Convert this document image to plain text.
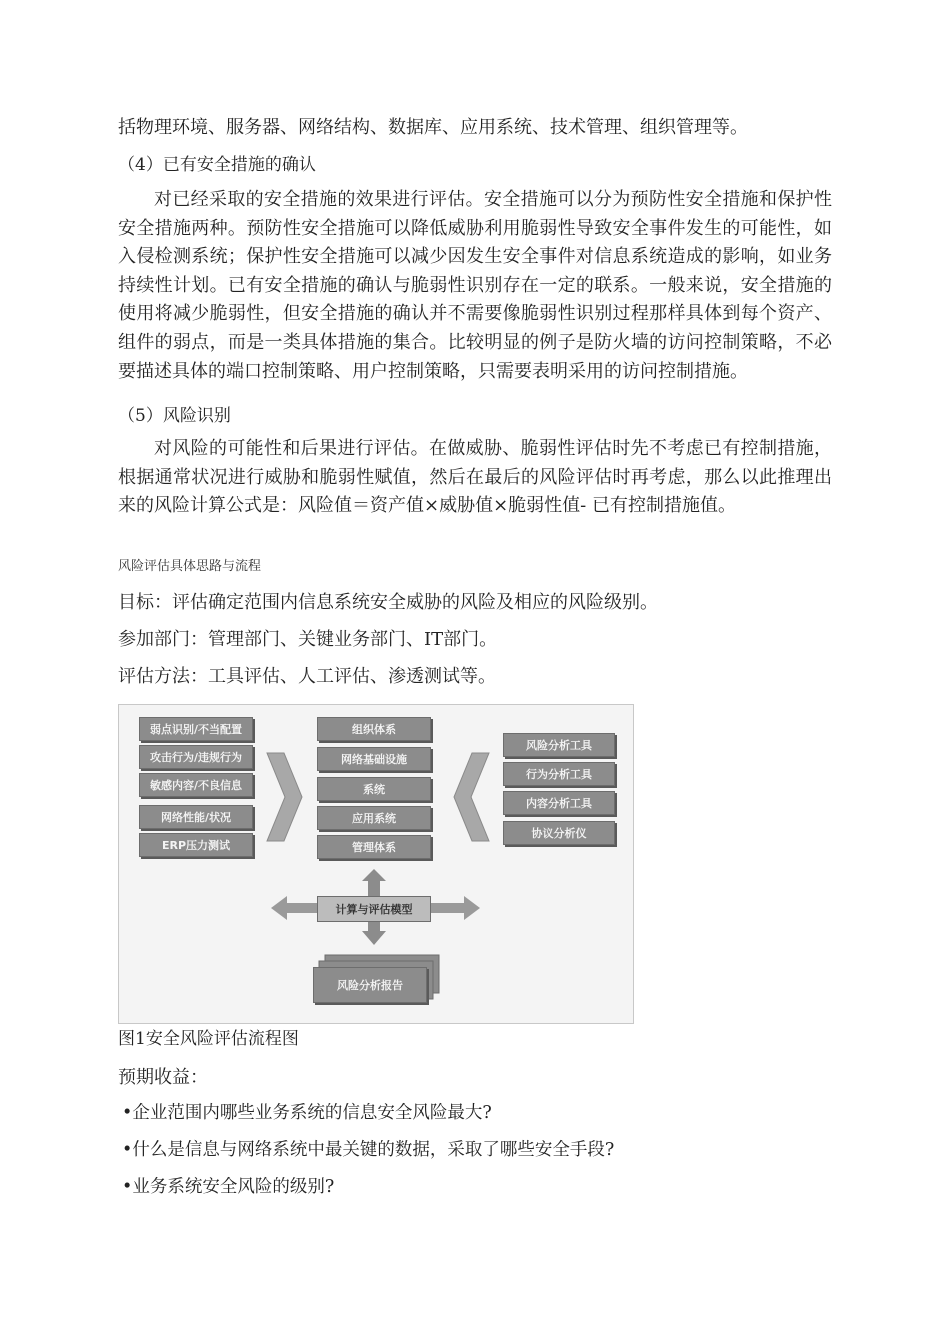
括物理环境、服务器、网络结构、数据库、应用系统、技术管理、组织管理等。
（4）已有安全措施的确认
对已经采取的安全措施的效果进行评估。安全措施可以分为预防性安全措施和保护性安全措施两种。预防性安全措施可以降低威胁利用脆弱性导致安全事件发生的可能性，如入侵检测系统；保护性安全措施可以减少因发生安全事件对信息系统造成的影响，如业务持续性计划。已有安全措施的确认与脆弱性识别存在一定的联系。一般来说，安全措施的使用将减少脆弱性，但安全措施的确认并不需要像脆弱性识别过程那样具体到每个资产、组件的弱点，而是一类具体措施的集合。比较明显的例子是防火墙的访问控制策略，不必要描述具体的端口控制策略、用户控制策略，只需要表明采用的访问控制措施。
（5）风险识别
对风险的可能性和后果进行评估。在做威胁、脆弱性评估时先不考虑已有控制措施，根据通常状况进行威胁和脆弱性赋值，然后在最后的风险评估时再考虑，那么以此推理出来的风险计算公式是：风险值＝资产值×威胁值×脆弱性值- 已有控制措施值。
风险评估具体思路与流程
目标：评估确定范围内信息系统安全威胁的风险及相应的风险级别。
参加部门：管理部门、关键业务部门、IT部门。
评估方法：工具评估、人工评估、渗透测试等。
弱点识别/不当配置
攻击行为/违规行为
敏感内容/不良信息
网络性能/状况
ERP压力测试
组织体系
网络基础设施
系统
应用系统
管理体系
风险分析工具
行为分析工具
内容分析工具
协议分析仪
计算与评估模型
风险分析报告
图1安全风险评估流程图
预期收益：
•企业范围内哪些业务系统的信息安全风险最大?
•什么是信息与网络系统中最关键的数据，采取了哪些安全手段?
•业务系统安全风险的级别?
